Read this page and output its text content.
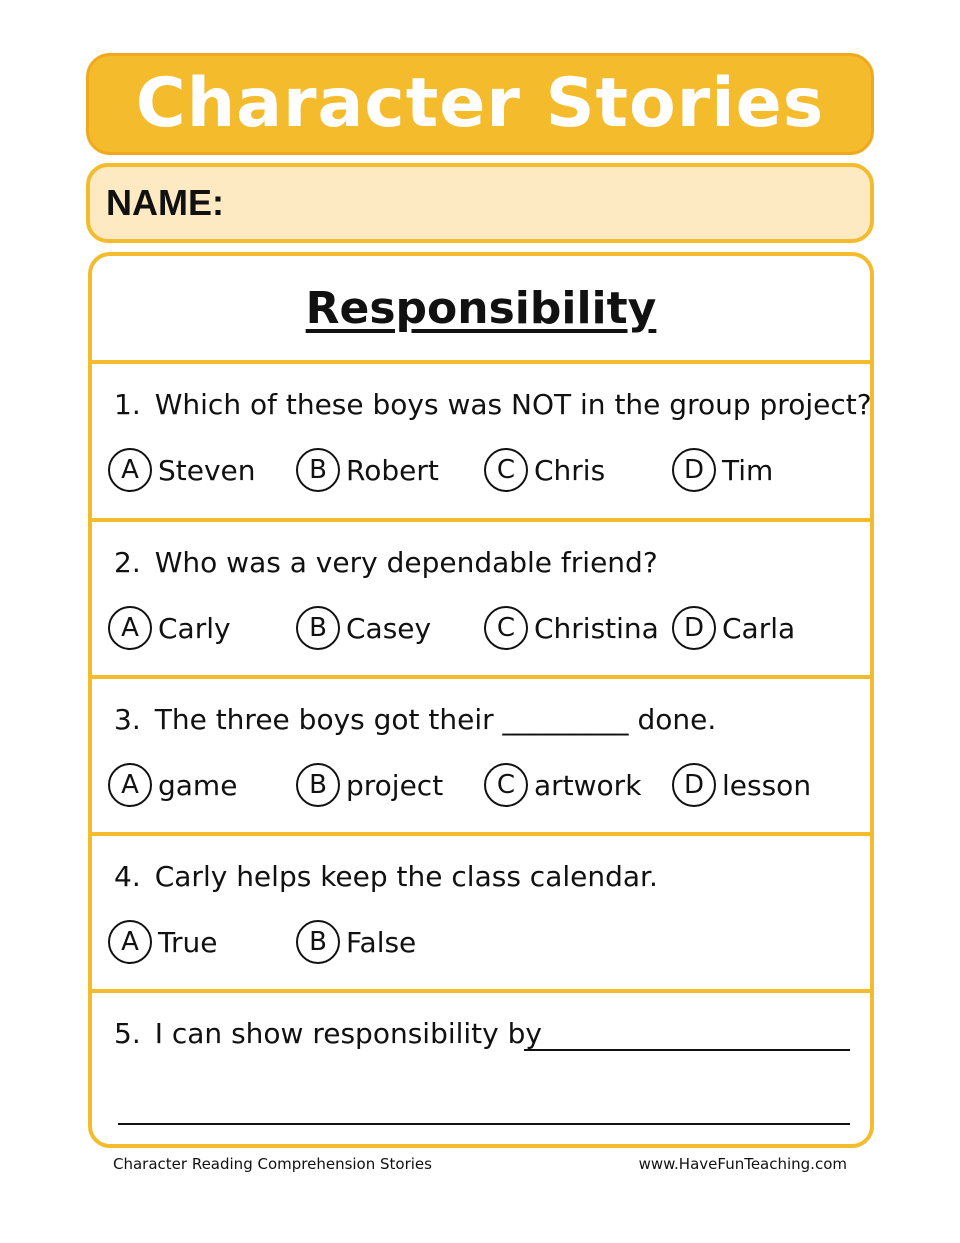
Character Stories
NAME:
Responsibility
1. Which of these boys was NOT in the group project?
A Steven	B Robert	C Chris	D Tim
2. Who was a very dependable friend?
A Carly	B Casey	C Christina D Carla
3. The three boys got their _________ done.
A game	B project	C artwork	D lesson
4. Carly helps keep the class calendar.
A True	B False
5. I can show responsibility by
Character Reading Comprehension Stories	www.HaveFunTeaching.com
